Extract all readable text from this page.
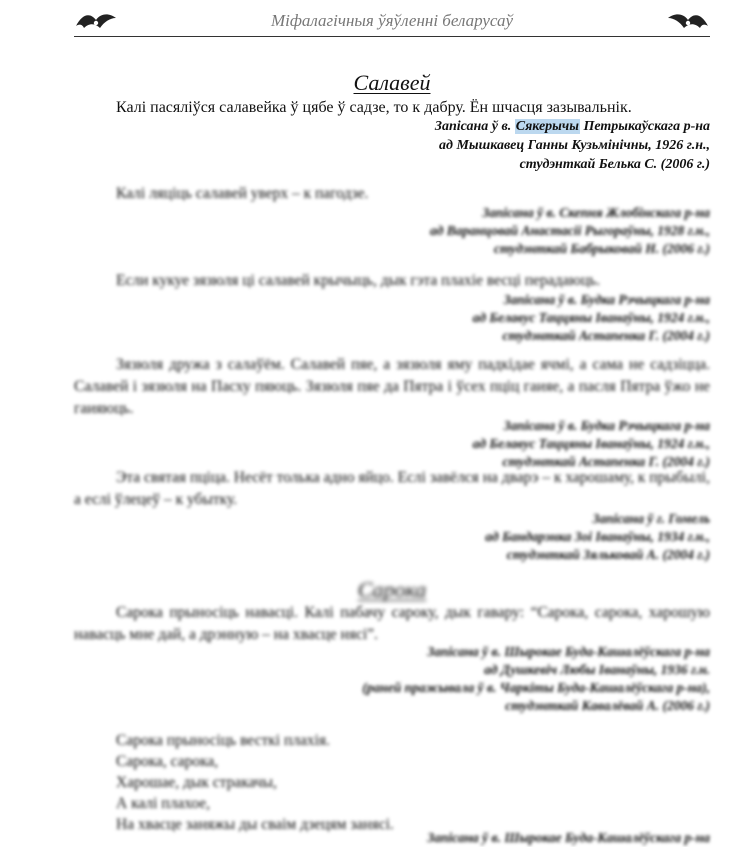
Міфалагічныя ўяўленні беларусаў
Салавей
Калі пасяліўся салавейка ў цябе ў садзе, то к дабру. Ён шчасця зазывальнік.
Запісана ў в. Сякерычы Петрыкаўскага р-на
ад Мышкавец Ганны Кузьмінічны, 1926 г.н.,
студэнткай Белька С. (2006 г.)
Калі ляціць салавей уверх – к пагодзе.
Запісана ў в. Скепня Жлобінскага р-на
ад Варанцовай Анастасіі Рыгораўны, 1928 г.н.,
студэнткай Бабрыковай Н. (2006 г.)
Если кукуе зязюля ці салавей крычыць, дык гэта плахіе весці перадаюць.
Запісана ў в. Будка Рэчыцкага р-на
ад Белавус Таццяны Іванаўны, 1924 г.н.,
студэнткай Астапенка Г. (2004 г.)
Зязюля дружа з салаўём. Салавей пяе, а зязюля яму падкідае ячмі, а сама не садзіцца. Салавей і зязюля на Пасху пяюць. Зязюля пяе да Пятра і ўсех пціц гаияе, а пасля Пятра ўжо не гаияюць.
Запісана ў в. Будка Рэчыцкага р-на
ад Белавус Таццяны Іванаўны, 1924 г.н.,
студэнткай Астапенка Г. (2004 г.)
Эта святая пціца. Несёт толька адно яйцо. Еслі завёлся на дварэ – к харошаму, к прыбылі, а еслі ўлецеў – к убытку.
Запісана ў г. Гомель
ад Бандарэнка Зоі Іванаўны, 1934 г.н.,
студэнткай Зяльковай А. (2004 г.)
Сарока
Сарока прыносіць навасці. Калі пабачу сароку, дык гавару: “Сарока, сарока, харошую навасць мне дай, а дрэнную – на хвасце нясі”.
Запісана ў в. Шырокае Буда-Кашалёўскага р-на
ад Душкевіч Любы Іванаўны, 1936 г.н.
(раней пражывала ў в. Чаркіты Буда-Кашалёўскага р-на),
студэнткай Кавалёвай А. (2006 г.)
Сарока прыносіць весткі плахія.
Сарока, сарока,
Харошае, дык стракачы,
А калі плахое,
На хвасце заняжы ды сваім дзецям занясі.
Запісана ў в. Шырокае Буда-Кашалёўскага р-на
